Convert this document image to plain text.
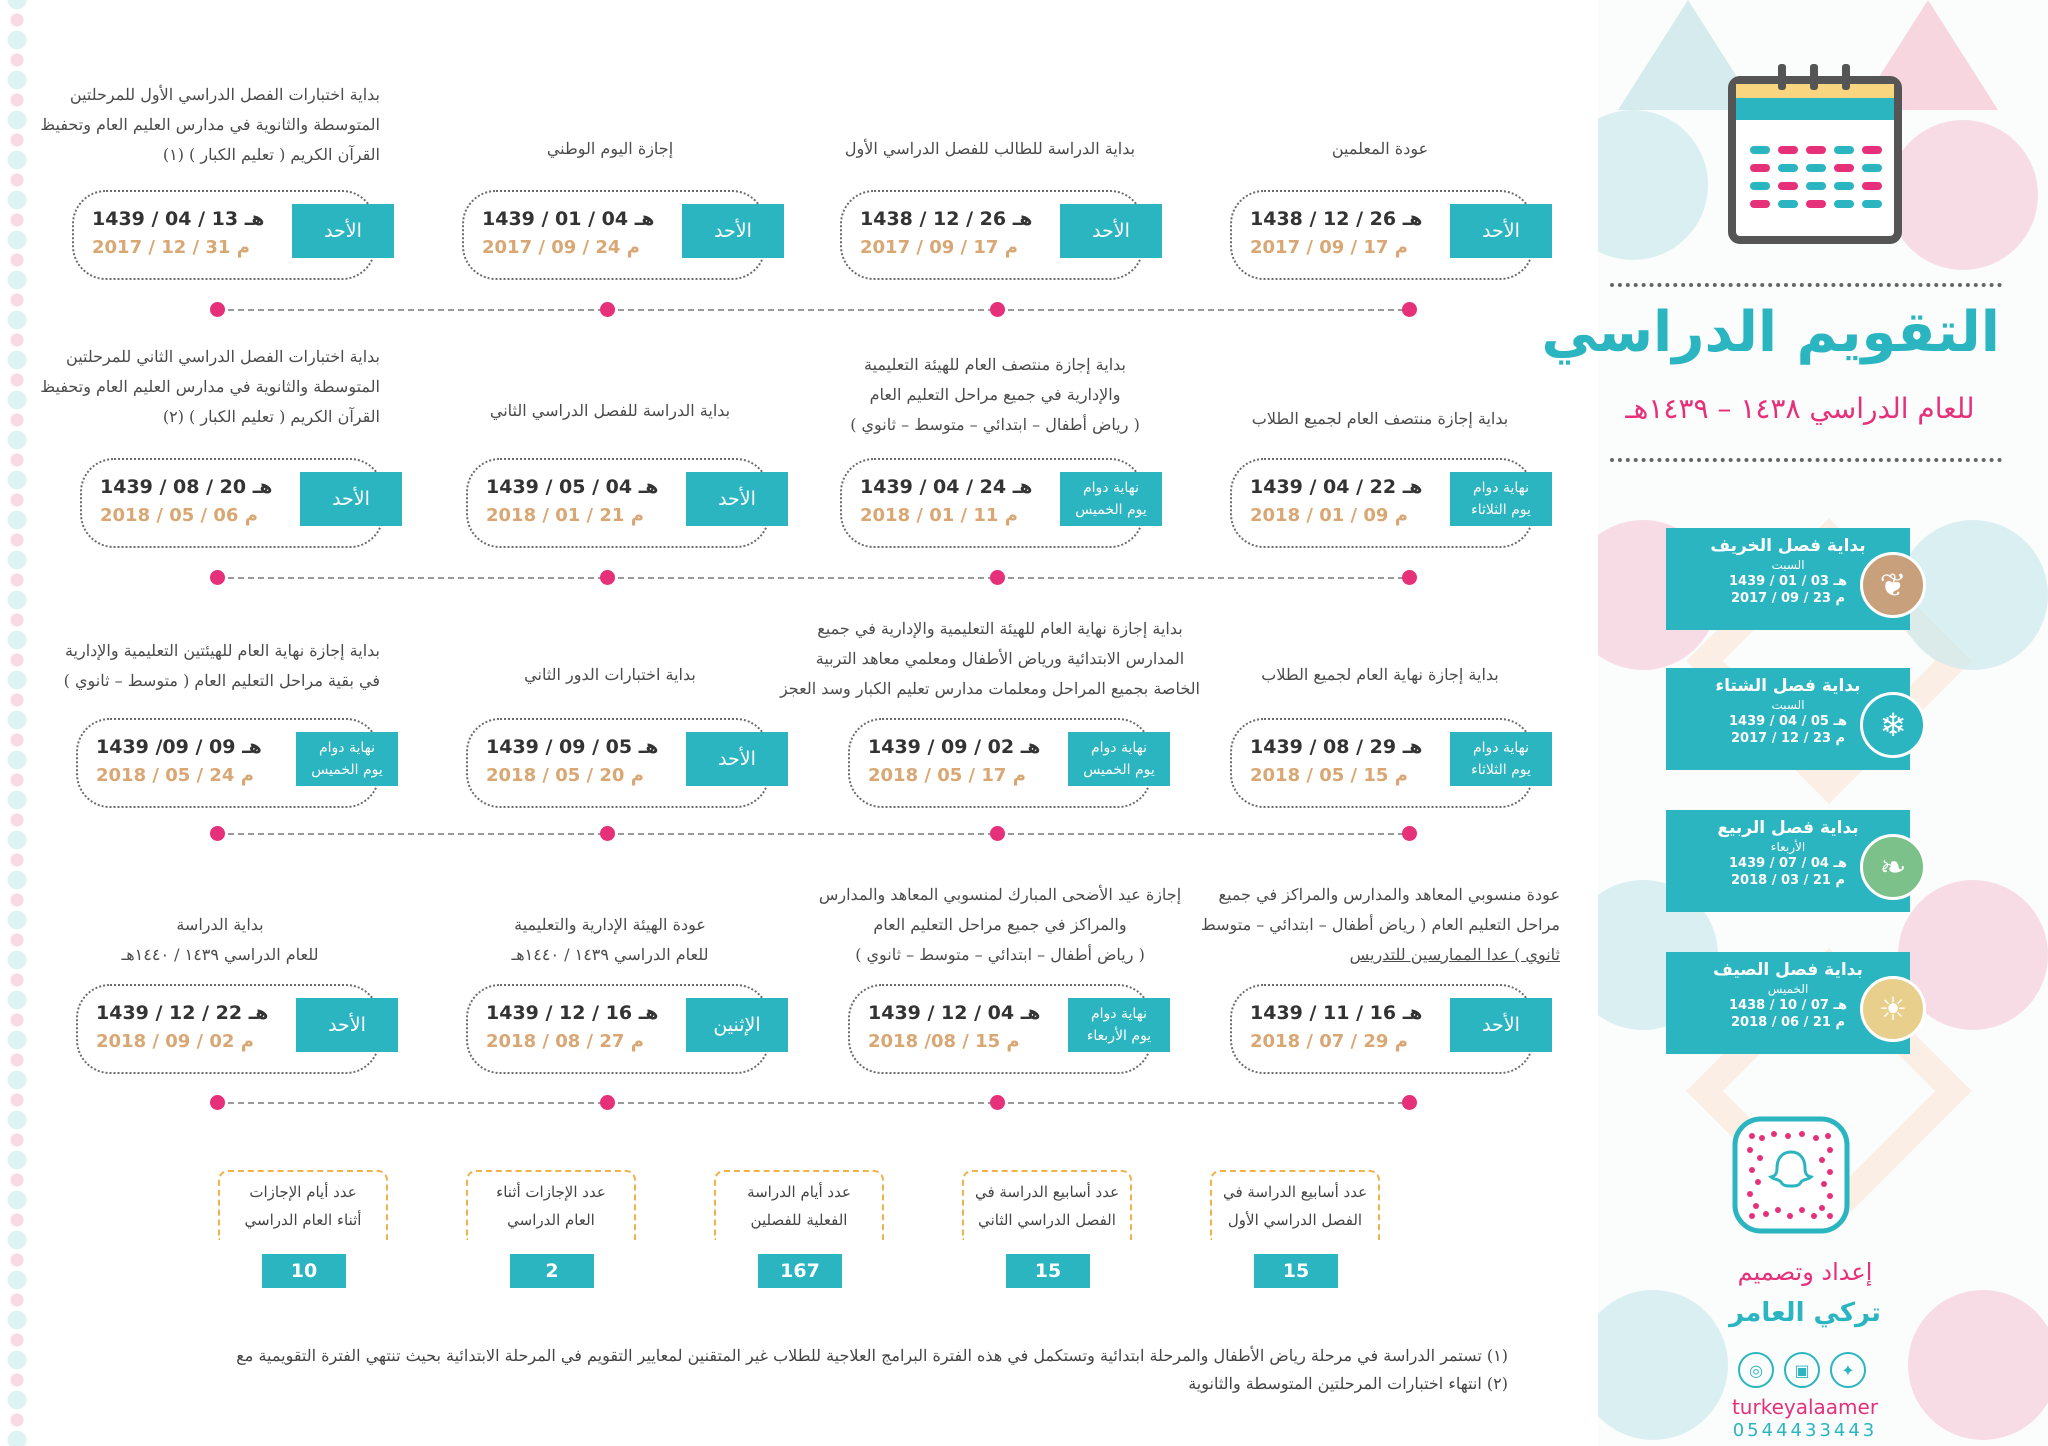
التقويم الدراسي
للعام الدراسي ١٤٣٨ – ١٤٣٩هـ
بداية فصل الخريف
السبت
1439 / 01 / 03 هـ
2017 / 09 / 23 م	❦
بداية فصل الشتاء
السبت
1439 / 04 / 05 هـ
2017 / 12 / 23 م	❄
بداية فصل الربيع
الأربعاء
1439 / 07 / 04 هـ
2018 / 03 / 21 م	❧
بداية فصل الصيف
الخميس
1438 / 10 / 07 هـ
2018 / 06 / 21 م	☀
إعداد وتصميم
تركي العامر
◎	▣	✦
turkeyalaamer
0544433443
عودة المعلمين
1438 / 12 / 26 هـ
2017 / 09 / 17 م
الأحد
بداية الدراسة للطالب للفصل الدراسي الأول
1438 / 12 / 26 هـ
2017 / 09 / 17 م
الأحد
إجازة اليوم الوطني
1439 / 01 / 04 هـ
2017 / 09 / 24 م
الأحد
بداية اختبارات الفصل الدراسي الأول للمرحلتين
المتوسطة والثانوية في مدارس العليم العام وتحفيظ
القرآن الكريم ( تعليم الكبار ) (١)
1439 / 04 / 13 هـ
2017 / 12 / 31 م
الأحد
بداية إجازة منتصف العام لجميع الطلاب
1439 / 04 / 22 هـ
2018 / 01 / 09 م
نهاية دوام
يوم الثلاثاء
بداية إجازة منتصف العام للهيئة التعليمية
والإدارية في جميع مراحل التعليم العام
( رياض أطفال – ابتدائي – متوسط – ثانوي )
1439 / 04 / 24 هـ
2018 / 01 / 11 م
نهاية دوام
يوم الخميس
بداية الدراسة للفصل الدراسي الثاني
1439 / 05 / 04 هـ
2018 / 01 / 21 م
الأحد
بداية اختبارات الفصل الدراسي الثاني للمرحلتين
المتوسطة والثانوية في مدارس العليم العام وتحفيظ
القرآن الكريم ( تعليم الكبار ) (٢)
1439 / 08 / 20 هـ
2018 / 05 / 06 م
الأحد
بداية إجازة نهاية العام لجميع الطلاب
1439 / 08 / 29 هـ
2018 / 05 / 15 م
نهاية دوام
يوم الثلاثاء
بداية إجازة نهاية العام للهيئة التعليمية والإدارية في جميع
المدارس الابتدائية ورياض الأطفال ومعلمي معاهد التربية
الخاصة بجميع المراحل ومعلمات مدارس تعليم الكبار وسد العجز
1439 / 09 / 02 هـ
2018 / 05 / 17 م
نهاية دوام
يوم الخميس
بداية اختبارات الدور الثاني
1439 / 09 / 05 هـ
2018 / 05 / 20 م
الأحد
بداية إجازة نهاية العام للهيئتين التعليمية والإدارية
في بقية مراحل التعليم العام ( متوسط – ثانوي )
1439 /09 / 09 هـ
2018 / 05 / 24 م
نهاية دوام
يوم الخميس
عودة منسوبي المعاهد والمدارس والمراكز في جميع
مراحل التعليم العام ( رياض أطفال – ابتدائي – متوسط
ثانوي ) عدا الممارسين للتدريس
1439 / 11 / 16 هـ
2018 / 07 / 29 م
الأحد
إجازة عيد الأضحى المبارك لمنسوبي المعاهد والمدارس
والمراكز في جميع مراحل التعليم العام
( رياض أطفال – ابتدائي – متوسط – ثانوي )
1439 / 12 / 04 هـ
2018 /08 / 15 م
نهاية دوام
يوم الأربعاء
عودة الهيئة الإدارية والتعليمية
للعام الدراسي ١٤٣٩ / ١٤٤٠هـ
1439 / 12 / 16 هـ
2018 / 08 / 27 م
الإثنين
بداية الدراسة
للعام الدراسي ١٤٣٩ / ١٤٤٠هـ
1439 / 12 / 22 هـ
2018 / 09 / 02 م
الأحد
عدد أسابيع الدراسة في
الفصل الدراسي الأول
15
عدد أسابيع الدراسة في
الفصل الدراسي الثاني
15
عدد أيام الدراسة
الفعلية للفصلين
167
عدد الإجازات أثناء
العام الدراسي
2
عدد أيام الإجازات
أثناء العام الدراسي
10
(١) تستمر الدراسة في مرحلة رياض الأطفال والمرحلة ابتدائية وتستكمل في هذه الفترة البرامج العلاجية للطلاب غير المتقنين لمعايير التقويم في المرحلة الابتدائية بحيث تنتهي الفترة التقويمية مع
(٢) انتهاء اختبارات المرحلتين المتوسطة والثانوية
